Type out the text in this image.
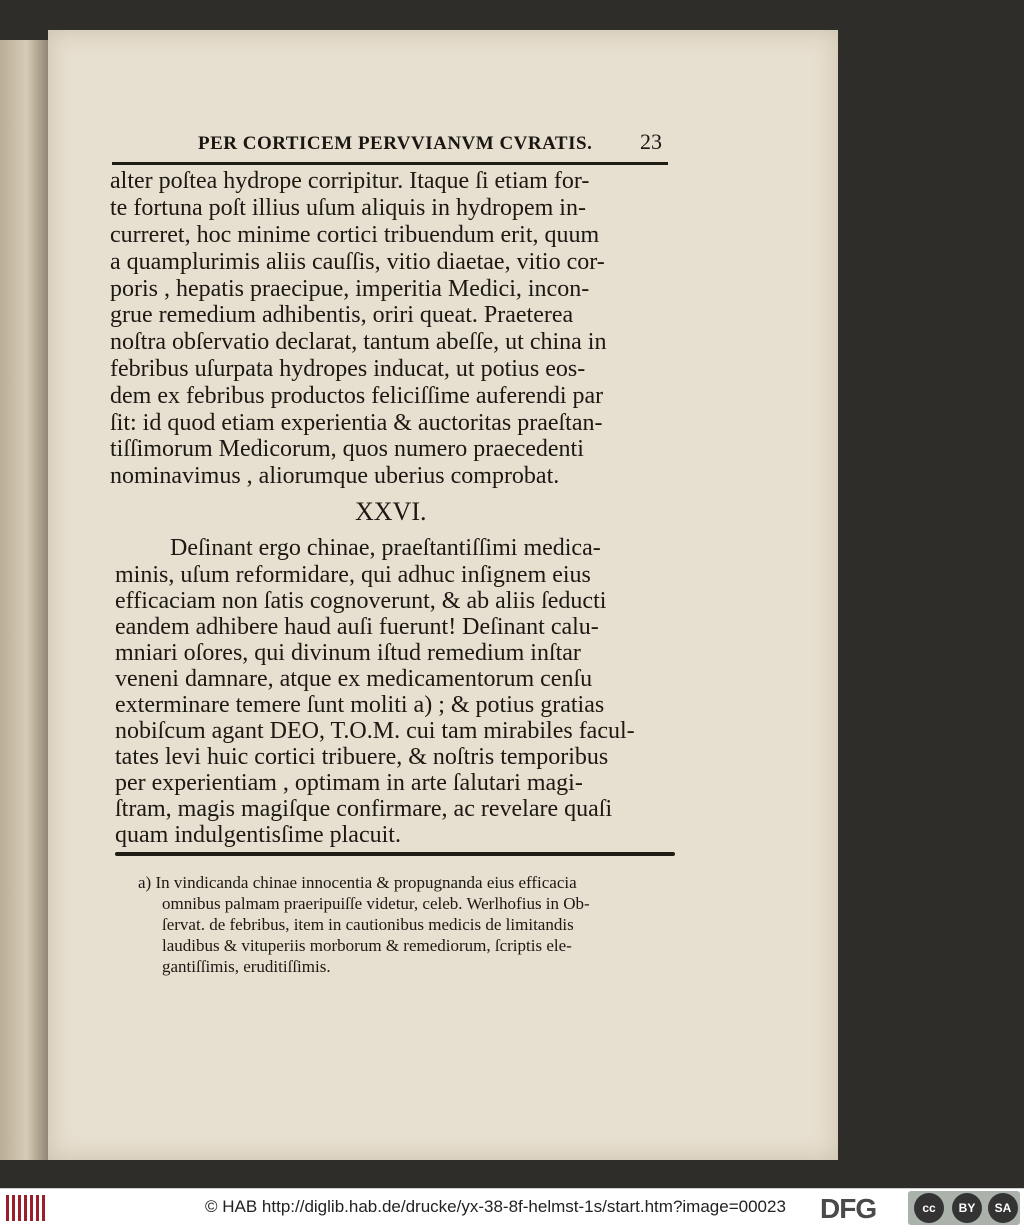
PER CORTICEM PERVVIANVM CVRATIS. 23
alter poſtea hydrope corripitur. Itaque ſi etiam for-
te fortuna poſt illius uſum aliquis in hydropem in-
curreret, hoc minime cortici tribuendum erit, quum
a quamplurimis aliis cauſſis, vitio diaetae, vitio cor-
poris , hepatis praecipue, imperitia Medici, incon-
grue remedium adhibentis, oriri queat. Praeterea
noſtra obſervatio declarat, tantum abeſſe, ut china in
febribus uſurpata hydropes inducat, ut potius eos-
dem ex febribus productos feliciſſime auferendi par
ſit: id quod etiam experientia & auctoritas praeſtan-
tiſſimorum Medicorum, quos numero praecedenti
nominavimus , aliorumque uberius comprobat.
XXVI.
Deſinant ergo chinae, praeſtantiſſimi medica-
minis, uſum reformidare, qui adhuc inſignem eius
efficaciam non ſatis cognoverunt, & ab aliis ſeducti
eandem adhibere haud auſi fuerunt! Deſinant calu-
mniari oſores, qui divinum iſtud remedium inſtar
veneni damnare, atque ex medicamentorum cenſu
exterminare temere ſunt moliti a) ; & potius gratias
nobiſcum agant DEO, T.O.M. cui tam mirabiles facul-
tates levi huic cortici tribuere, & noſtris temporibus
per experientiam , optimam in arte ſalutari magi-
ſtram, magis magiſque confirmare, ac revelare quaſi
quam indulgentisſime placuit.
a) In vindicanda chinae innocentia & propugnanda eius efficacia
omnibus palmam praeripuiſſe videtur, celeb. Werlhofius in Ob-
ſervat. de febribus, item in cautionibus medicis de limitandis
laudibus & vituperiis morborum & remediorum, ſcriptis ele-
gantiſſimis, eruditiſſimis.
© HAB http://diglib.hab.de/drucke/yx-38-8f-helmst-1s/start.htm?image=00023 DFG	cc	BY	SA
